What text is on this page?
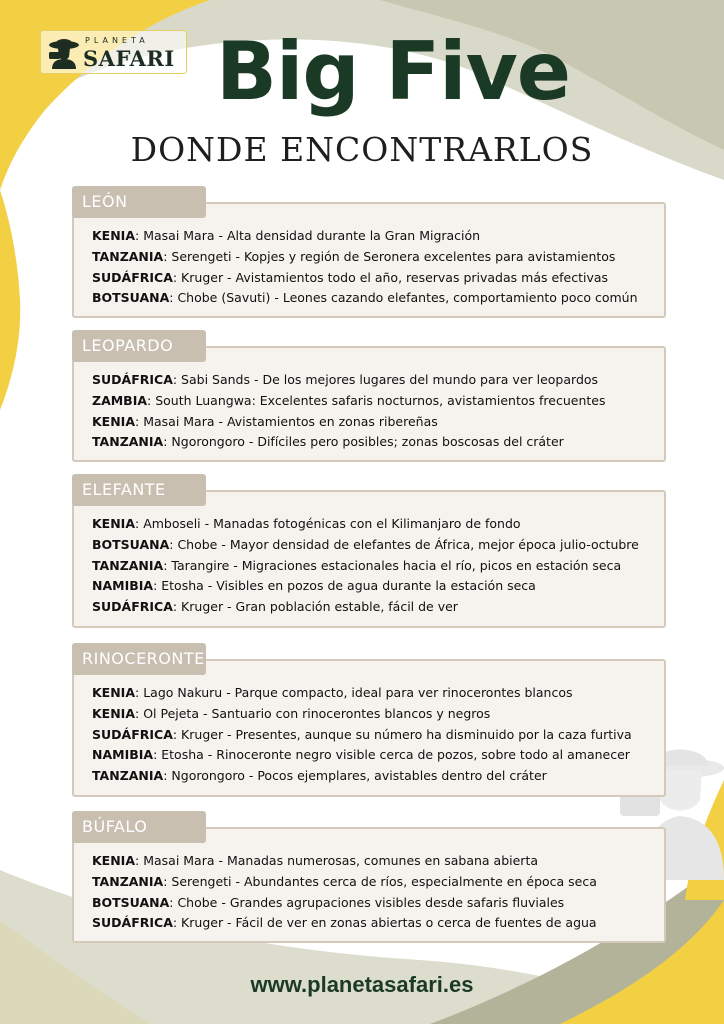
PLANETA
SAFARI Big Five
DONDE ENCONTRARLOS
LEÓN
KENIA: Masai Mara - Alta densidad durante la Gran Migración
TANZANIA: Serengeti - Kopjes y región de Seronera excelentes para avistamientos
SUDÁFRICA: Kruger - Avistamientos todo el año, reservas privadas más efectivas
BOTSUANA: Chobe (Savuti) - Leones cazando elefantes, comportamiento poco común
LEOPARDO
SUDÁFRICA: Sabi Sands - De los mejores lugares del mundo para ver leopardos
ZAMBIA: South Luangwa: Excelentes safaris nocturnos, avistamientos frecuentes
KENIA: Masai Mara - Avistamientos en zonas ribereñas
TANZANIA: Ngorongoro - Difíciles pero posibles; zonas boscosas del cráter
ELEFANTE
KENIA: Amboseli - Manadas fotogénicas con el Kilimanjaro de fondo
BOTSUANA: Chobe - Mayor densidad de elefantes de África, mejor época julio-octubre
TANZANIA: Tarangire - Migraciones estacionales hacia el río, picos en estación seca
NAMIBIA: Etosha - Visibles en pozos de agua durante la estación seca
SUDÁFRICA: Kruger - Gran población estable, fácil de ver
RINOCERONTE
KENIA: Lago Nakuru - Parque compacto, ideal para ver rinocerontes blancos
KENIA: Ol Pejeta - Santuario con rinocerontes blancos y negros
SUDÁFRICA: Kruger - Presentes, aunque su número ha disminuido por la caza furtiva
NAMIBIA: Etosha - Rinoceronte negro visible cerca de pozos, sobre todo al amanecer
TANZANIA: Ngorongoro - Pocos ejemplares, avistables dentro del cráter
BÚFALO
KENIA: Masai Mara - Manadas numerosas, comunes en sabana abierta
TANZANIA: Serengeti - Abundantes cerca de ríos, especialmente en época seca
BOTSUANA: Chobe - Grandes agrupaciones visibles desde safaris fluviales
SUDÁFRICA: Kruger - Fácil de ver en zonas abiertas o cerca de fuentes de agua
www.planetasafari.es
